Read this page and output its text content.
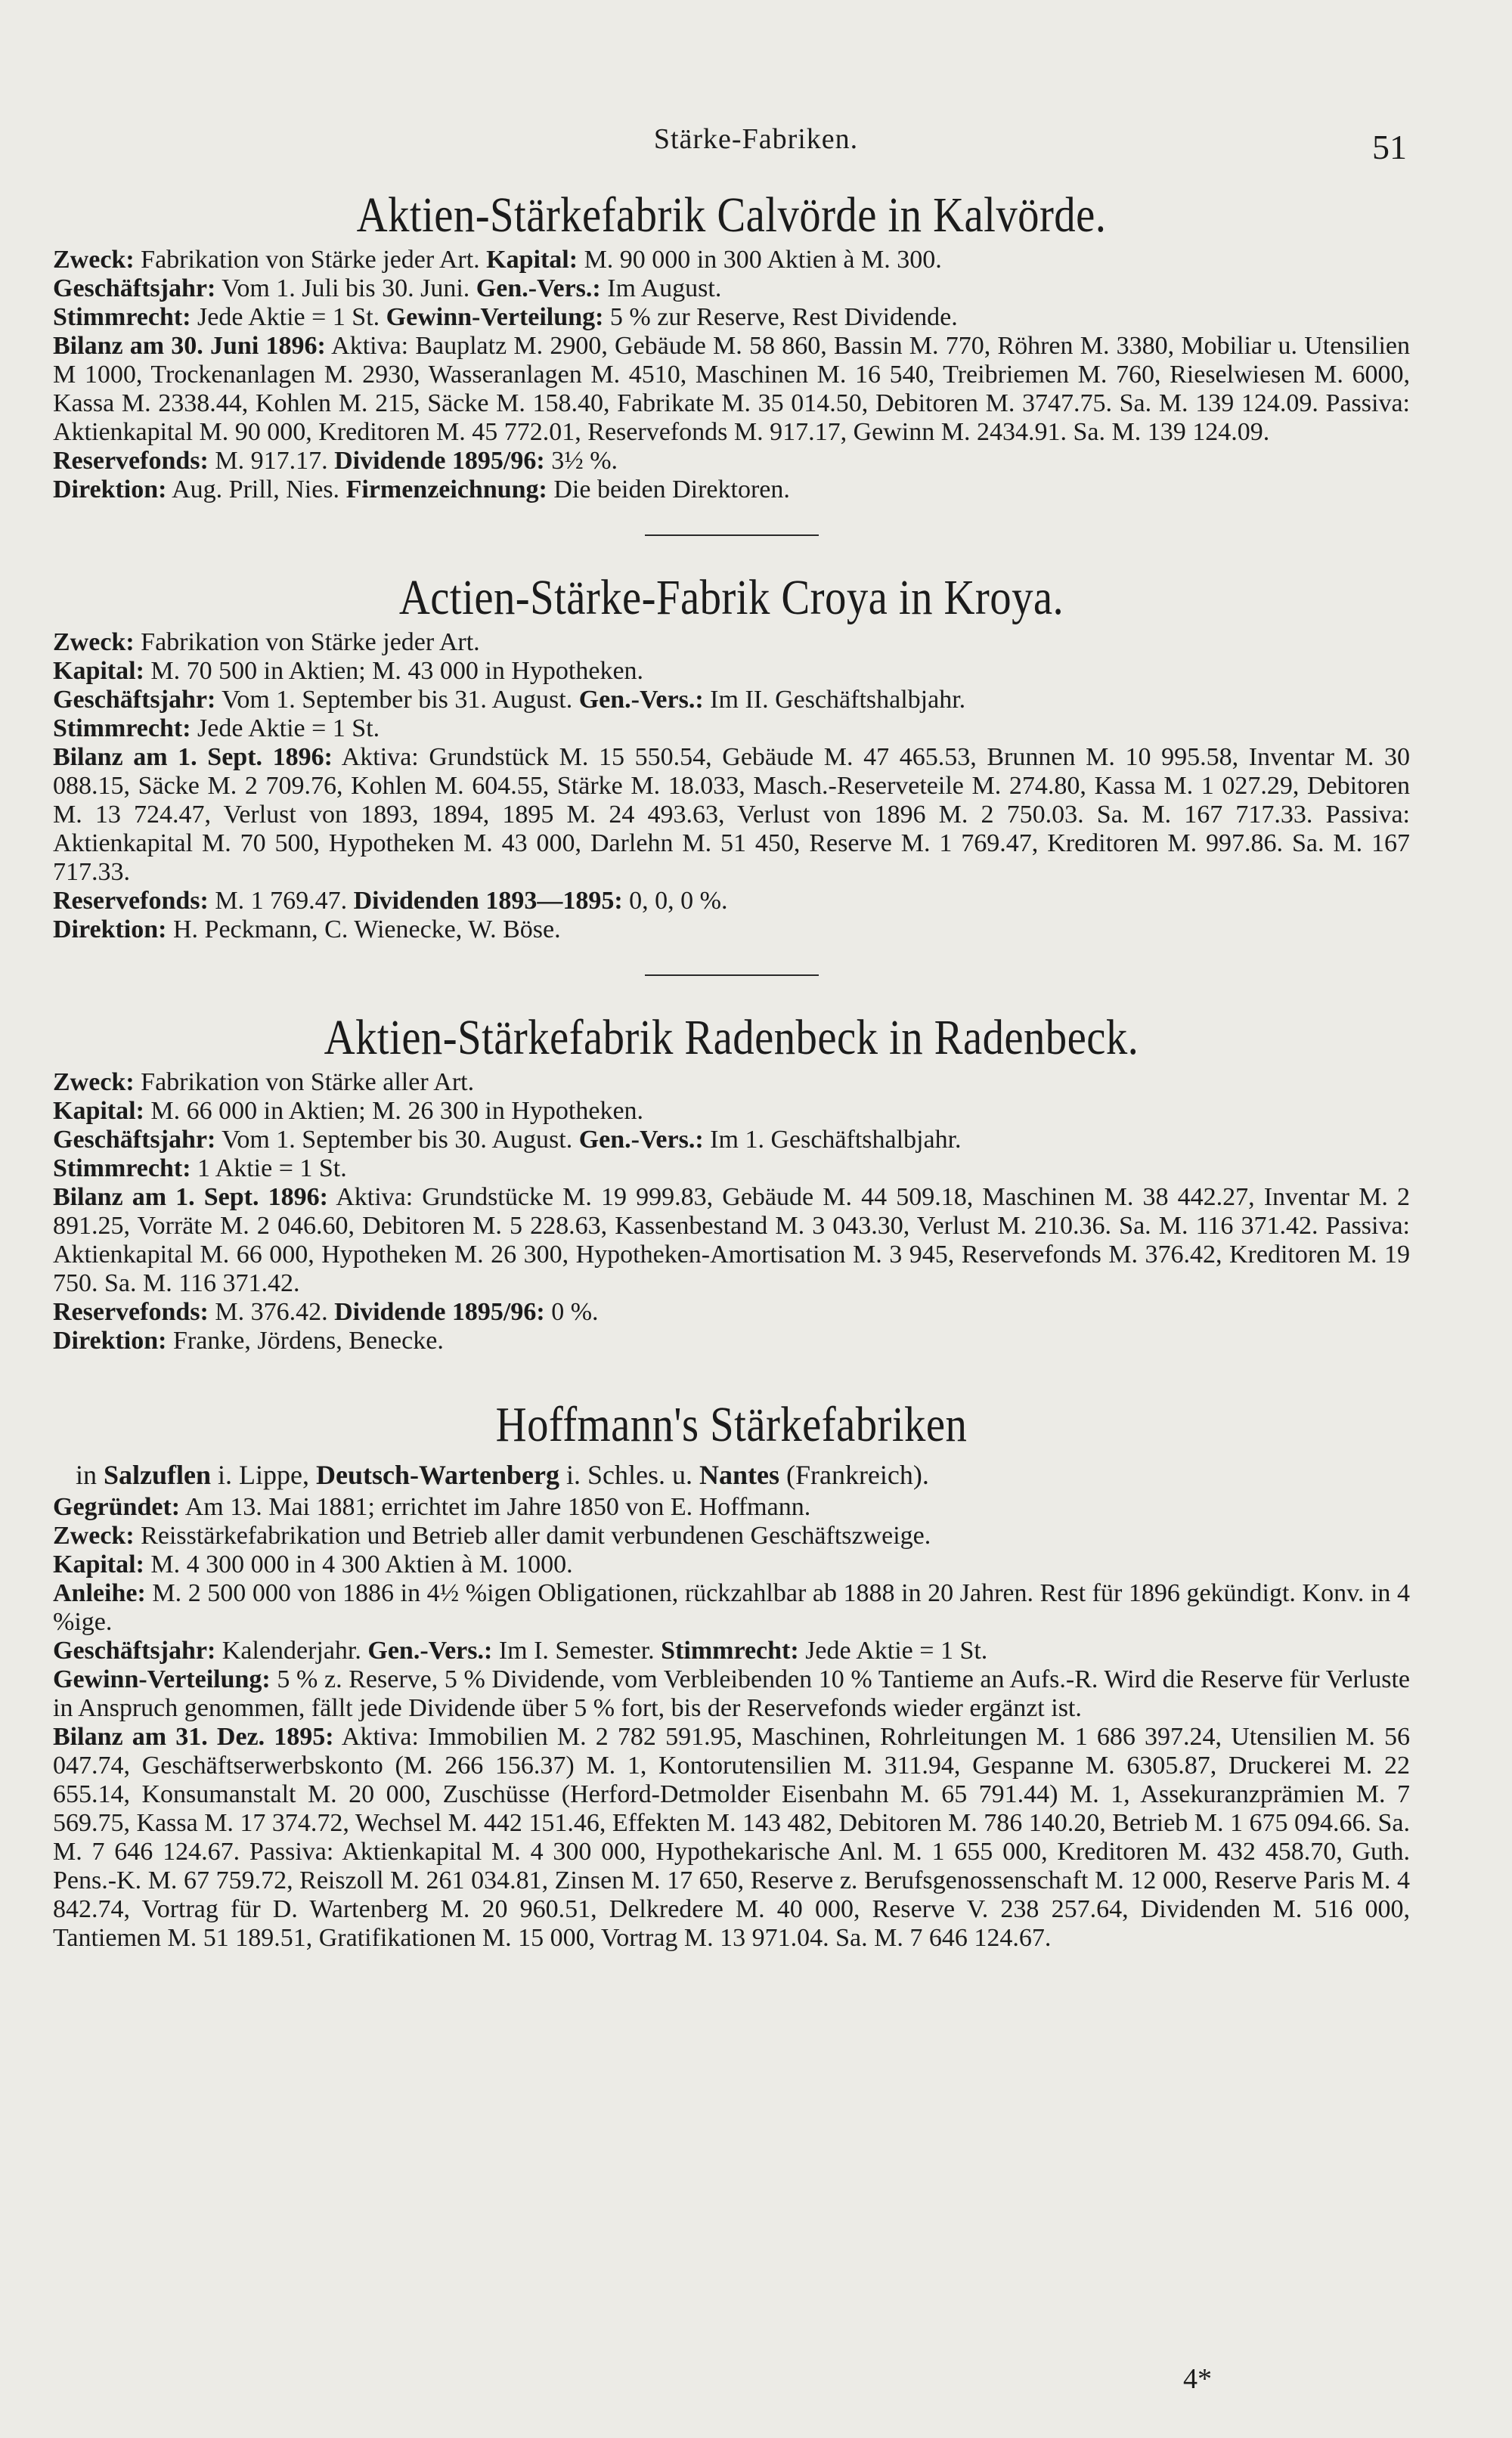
Stärke-Fabriken.	51
Aktien-Stärkefabrik Calvörde in Kalvörde.

Zweck: Fabrikation von Stärke jeder Art. Kapital: M. 90 000 in 300 Aktien à M. 300.

Geschäftsjahr: Vom 1. Juli bis 30. Juni. Gen.-Vers.: Im August.

Stimmrecht: Jede Aktie = 1 St. Gewinn-Verteilung: 5 % zur Reserve, Rest Dividende.

Bilanz am 30. Juni 1896: Aktiva: Bauplatz M. 2900, Gebäude M. 58 860, Bassin M. 770, Röhren M. 3380, Mobiliar u. Utensilien M 1000, Trockenanlagen M. 2930, Wasseranlagen M. 4510, Maschinen M. 16 540, Treibriemen M. 760, Rieselwiesen M. 6000, Kassa M. 2338.44, Kohlen M. 215, Säcke M. 158.40, Fabrikate M. 35 014.50, Debitoren M. 3747.75. Sa. M. 139 124.09. Passiva: Aktienkapital M. 90 000, Kreditoren M. 45 772.01, Reservefonds M. 917.17, Gewinn M. 2434.91. Sa. M. 139 124.09.

Reservefonds: M. 917.17. Dividende 1895/96: 3½ %.

Direktion: Aug. Prill, Nies. Firmenzeichnung: Die beiden Direktoren.

Actien-Stärke-Fabrik Croya in Kroya.

Zweck: Fabrikation von Stärke jeder Art.

Kapital: M. 70 500 in Aktien; M. 43 000 in Hypotheken.

Geschäftsjahr: Vom 1. September bis 31. August. Gen.-Vers.: Im II. Geschäftshalbjahr.

Stimmrecht: Jede Aktie = 1 St.

Bilanz am 1. Sept. 1896: Aktiva: Grundstück M. 15 550.54, Gebäude M. 47 465.53, Brunnen M. 10 995.58, Inventar M. 30 088.15, Säcke M. 2 709.76, Kohlen M. 604.55, Stärke M. 18.033, Masch.-Reserveteile M. 274.80, Kassa M. 1 027.29, Debitoren M. 13 724.47, Verlust von 1893, 1894, 1895 M. 24 493.63, Verlust von 1896 M. 2 750.03. Sa. M. 167 717.33. Passiva: Aktienkapital M. 70 500, Hypotheken M. 43 000, Darlehn M. 51 450, Reserve M. 1 769.47, Kreditoren M. 997.86. Sa. M. 167 717.33.

Reservefonds: M. 1 769.47. Dividenden 1893—1895: 0, 0, 0 %.

Direktion: H. Peckmann, C. Wienecke, W. Böse.

Aktien-Stärkefabrik Radenbeck in Radenbeck.

Zweck: Fabrikation von Stärke aller Art.

Kapital: M. 66 000 in Aktien; M. 26 300 in Hypotheken.

Geschäftsjahr: Vom 1. September bis 30. August. Gen.-Vers.: Im 1. Geschäftshalbjahr.

Stimmrecht: 1 Aktie = 1 St.

Bilanz am 1. Sept. 1896: Aktiva: Grundstücke M. 19 999.83, Gebäude M. 44 509.18, Maschinen M. 38 442.27, Inventar M. 2 891.25, Vorräte M. 2 046.60, Debitoren M. 5 228.63, Kassenbestand M. 3 043.30, Verlust M. 210.36. Sa. M. 116 371.42. Passiva: Aktienkapital M. 66 000, Hypotheken M. 26 300, Hypotheken-Amortisation M. 3 945, Reservefonds M. 376.42, Kreditoren M. 19 750. Sa. M. 116 371.42.

Reservefonds: M. 376.42. Dividende 1895/96: 0 %.

Direktion: Franke, Jördens, Benecke.

Hoffmann's Stärkefabriken
in Salzuflen i. Lippe, Deutsch-Wartenberg i. Schles. u. Nantes (Frankreich).

Gegründet: Am 13. Mai 1881; errichtet im Jahre 1850 von E. Hoffmann.

Zweck: Reisstärkefabrikation und Betrieb aller damit verbundenen Geschäftszweige.

Kapital: M. 4 300 000 in 4 300 Aktien à M. 1000.

Anleihe: M. 2 500 000 von 1886 in 4½ %igen Obligationen, rückzahlbar ab 1888 in 20 Jahren. Rest für 1896 gekündigt. Konv. in 4 %ige.

Geschäftsjahr: Kalenderjahr. Gen.-Vers.: Im I. Semester. Stimmrecht: Jede Aktie = 1 St.

Gewinn-Verteilung: 5 % z. Reserve, 5 % Dividende, vom Verbleibenden 10 % Tantieme an Aufs.-R. Wird die Reserve für Verluste in Anspruch genommen, fällt jede Dividende über 5 % fort, bis der Reservefonds wieder ergänzt ist.

Bilanz am 31. Dez. 1895: Aktiva: Immobilien M. 2 782 591.95, Maschinen, Rohrleitungen M. 1 686 397.24, Utensilien M. 56 047.74, Geschäftserwerbskonto (M. 266 156.37) M. 1, Kontorutensilien M. 311.94, Gespanne M. 6305.87, Druckerei M. 22 655.14, Konsumanstalt M. 20 000, Zuschüsse (Herford-Detmolder Eisenbahn M. 65 791.44) M. 1, Assekuranzprämien M. 7 569.75, Kassa M. 17 374.72, Wechsel M. 442 151.46, Effekten M. 143 482, Debitoren M. 786 140.20, Betrieb M. 1 675 094.66. Sa. M. 7 646 124.67. Passiva: Aktienkapital M. 4 300 000, Hypothekarische Anl. M. 1 655 000, Kreditoren M. 432 458.70, Guth. Pens.-K. M. 67 759.72, Reiszoll M. 261 034.81, Zinsen M. 17 650, Reserve z. Berufsgenossenschaft M. 12 000, Reserve Paris M. 4 842.74, Vortrag für D. Wartenberg M. 20 960.51, Delkredere M. 40 000, Reserve V. 238 257.64, Dividenden M. 516 000, Tantiemen M. 51 189.51, Gratifikationen M. 15 000, Vortrag M. 13 971.04. Sa. M. 7 646 124.67.

4*
